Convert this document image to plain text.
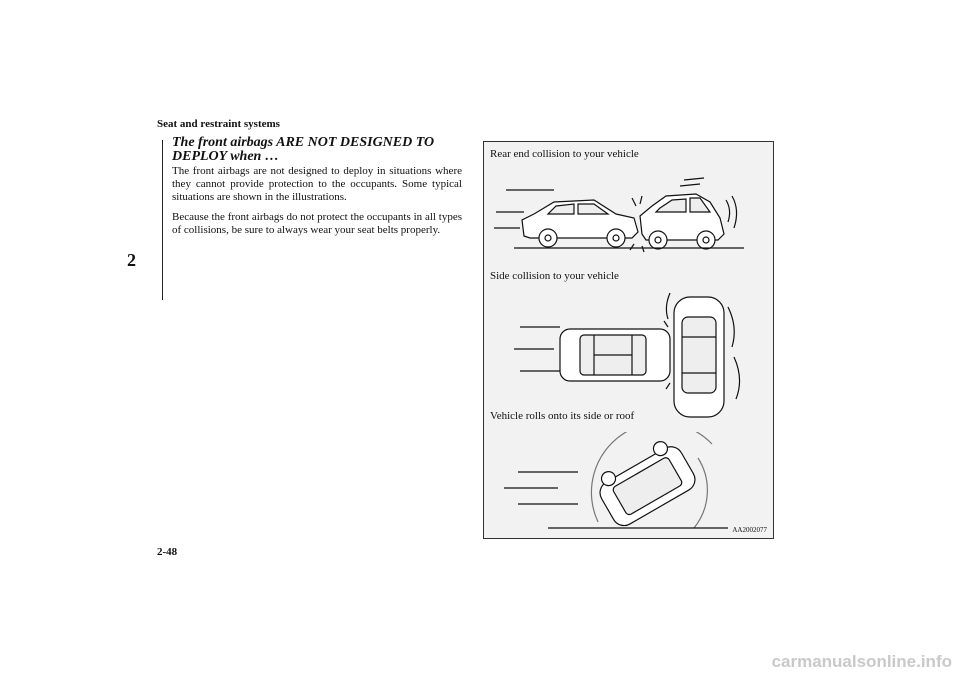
Seat and restraint systems
2
The front airbags ARE NOT DESIGNED TO DEPLOY when …

The front airbags are not designed to deploy in situations where they cannot provide protection to the occupants. Some typical situations are shown in the illustrations.

Because the front airbags do not protect the occupants in all types of collisions, be sure to always wear your seat belts properly.

Rear end collision to your vehicle
Side collision to your vehicle
Vehicle rolls onto its side or roof
AA2002077
2-48
carmanualsonline.info
